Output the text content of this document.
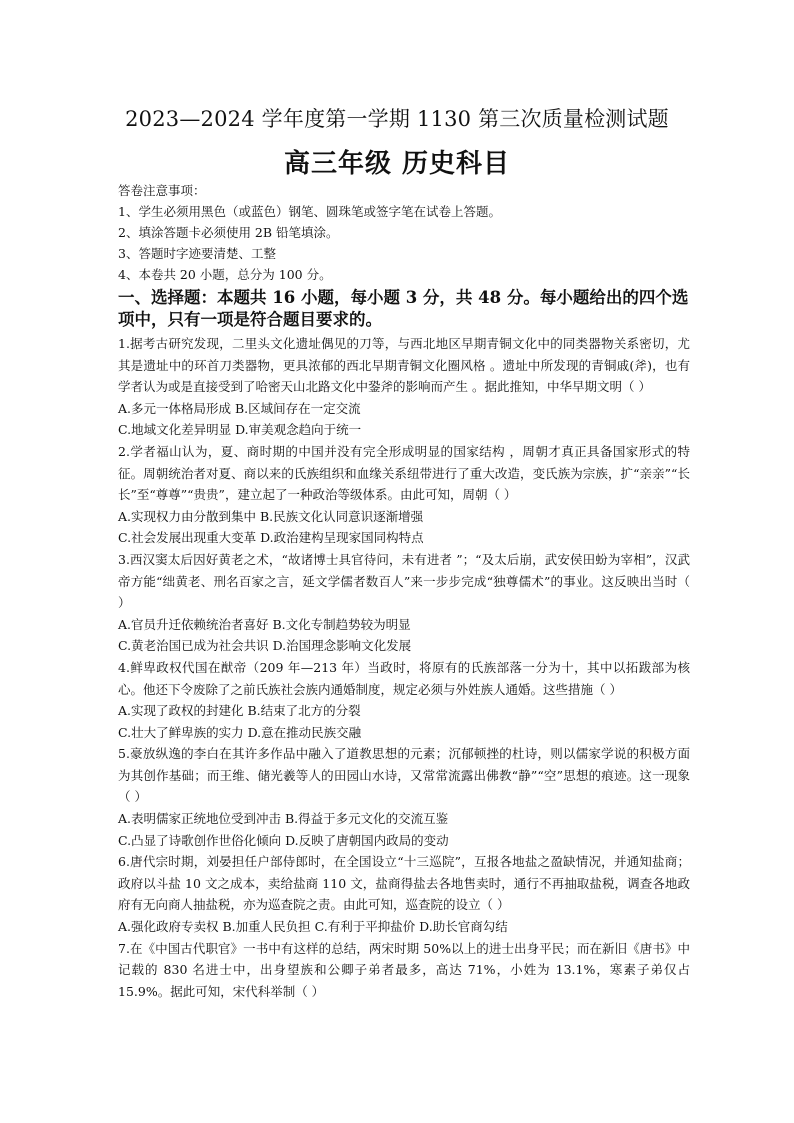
2023—2024 学年度第一学期 1130 第三次质量检测试题
高三年级 历史科目
答卷注意事项：
1、学生必须用黑色（或蓝色）钢笔、圆珠笔或签字笔在试卷上答题。
2、填涂答题卡必须使用 2B 铅笔填涂。
3、答题时字迹要清楚、工整
4、本卷共 20 小题，总分为 100 分。
一、选择题：本题共 16 小题，每小题 3 分，共 48 分。每小题给出的四个选项中，只有一项是符合题目要求的。
1.据考古研究发现，二里头文化遗址偶见的刀等，与西北地区早期青铜文化中的同类器物关系密切，尤其是遗址中的环首刀类器物，更具浓郁的西北早期青铜文化圈风格 。遗址中所发现的青铜戚(斧)，也有学者认为或是直接受到了哈密天山北路文化中銎斧的影响而产生 。据此推知，中华早期文明（ ）
A.多元一体格局形成 B.区域间存在一定交流
C.地域文化差异明显 D.审美观念趋向于统一
2.学者福山认为，夏、商时期的中国并没有完全形成明显的国家结构 ，周朝才真正具备国家形式的特征。周朝统治者对夏、商以来的氏族组织和血缘关系纽带进行了重大改造，变氏族为宗族，扩“亲亲”“长长”至“尊尊”“贵贵”，建立起了一种政治等级体系。由此可知，周朝（ ）
A.实现权力由分散到集中 B.民族文化认同意识逐渐增强
C.社会发展出现重大变革 D.政治建构呈现家国同构特点
3.西汉窦太后因好黄老之术，“故诸博士具官待问，未有进者 ”；“及太后崩，武安侯田蚡为宰相”，汉武帝方能“绌黄老、刑名百家之言，延文学儒者数百人”来一步步完成“独尊儒术”的事业。这反映出当时（ ）
A.官员升迁依赖统治者喜好 B.文化专制趋势较为明显
C.黄老治国已成为社会共识 D.治国理念影响文化发展
4.鲜卑政权代国在猷帝（209 年—213 年）当政时，将原有的氏族部落一分为十，其中以拓跋部为核心。他还下令废除了之前氏族社会族内通婚制度，规定必须与外姓族人通婚。这些措施（ ）
A.实现了政权的封建化 B.结束了北方的分裂
C.壮大了鲜卑族的实力 D.意在推动民族交融
5.豪放纵逸的李白在其许多作品中融入了道教思想的元素；沉郁顿挫的杜诗，则以儒家学说的积极方面为其创作基础；而王维、储光羲等人的田园山水诗，又常常流露出佛教“静”“空”思想的痕迹。这一现象（ ）
A.表明儒家正统地位受到冲击 B.得益于多元文化的交流互鉴
C.凸显了诗歌创作世俗化倾向 D.反映了唐朝国内政局的变动
6.唐代宗时期，刘晏担任户部侍郎时，在全国设立“十三巡院”，互报各地盐之盈缺情况，并通知盐商；政府以斗盐 10 文之成本，卖给盐商 110 文，盐商得盐去各地售卖时，通行不再抽取盐税，调查各地政府有无向商人抽盐税，亦为巡查院之责。由此可知，巡查院的设立（ ）
A.强化政府专卖权 B.加重人民负担 C.有利于平抑盐价 D.助长官商勾结
7.在《中国古代职官》一书中有这样的总结，两宋时期 50%以上的进士出身平民；而在新旧《唐书》中记载的 830 名进士中，出身望族和公卿子弟者最多，高达 71%，小姓为 13.1%，寒素子弟仅占 15.9%。据此可知，宋代科举制（ ）
